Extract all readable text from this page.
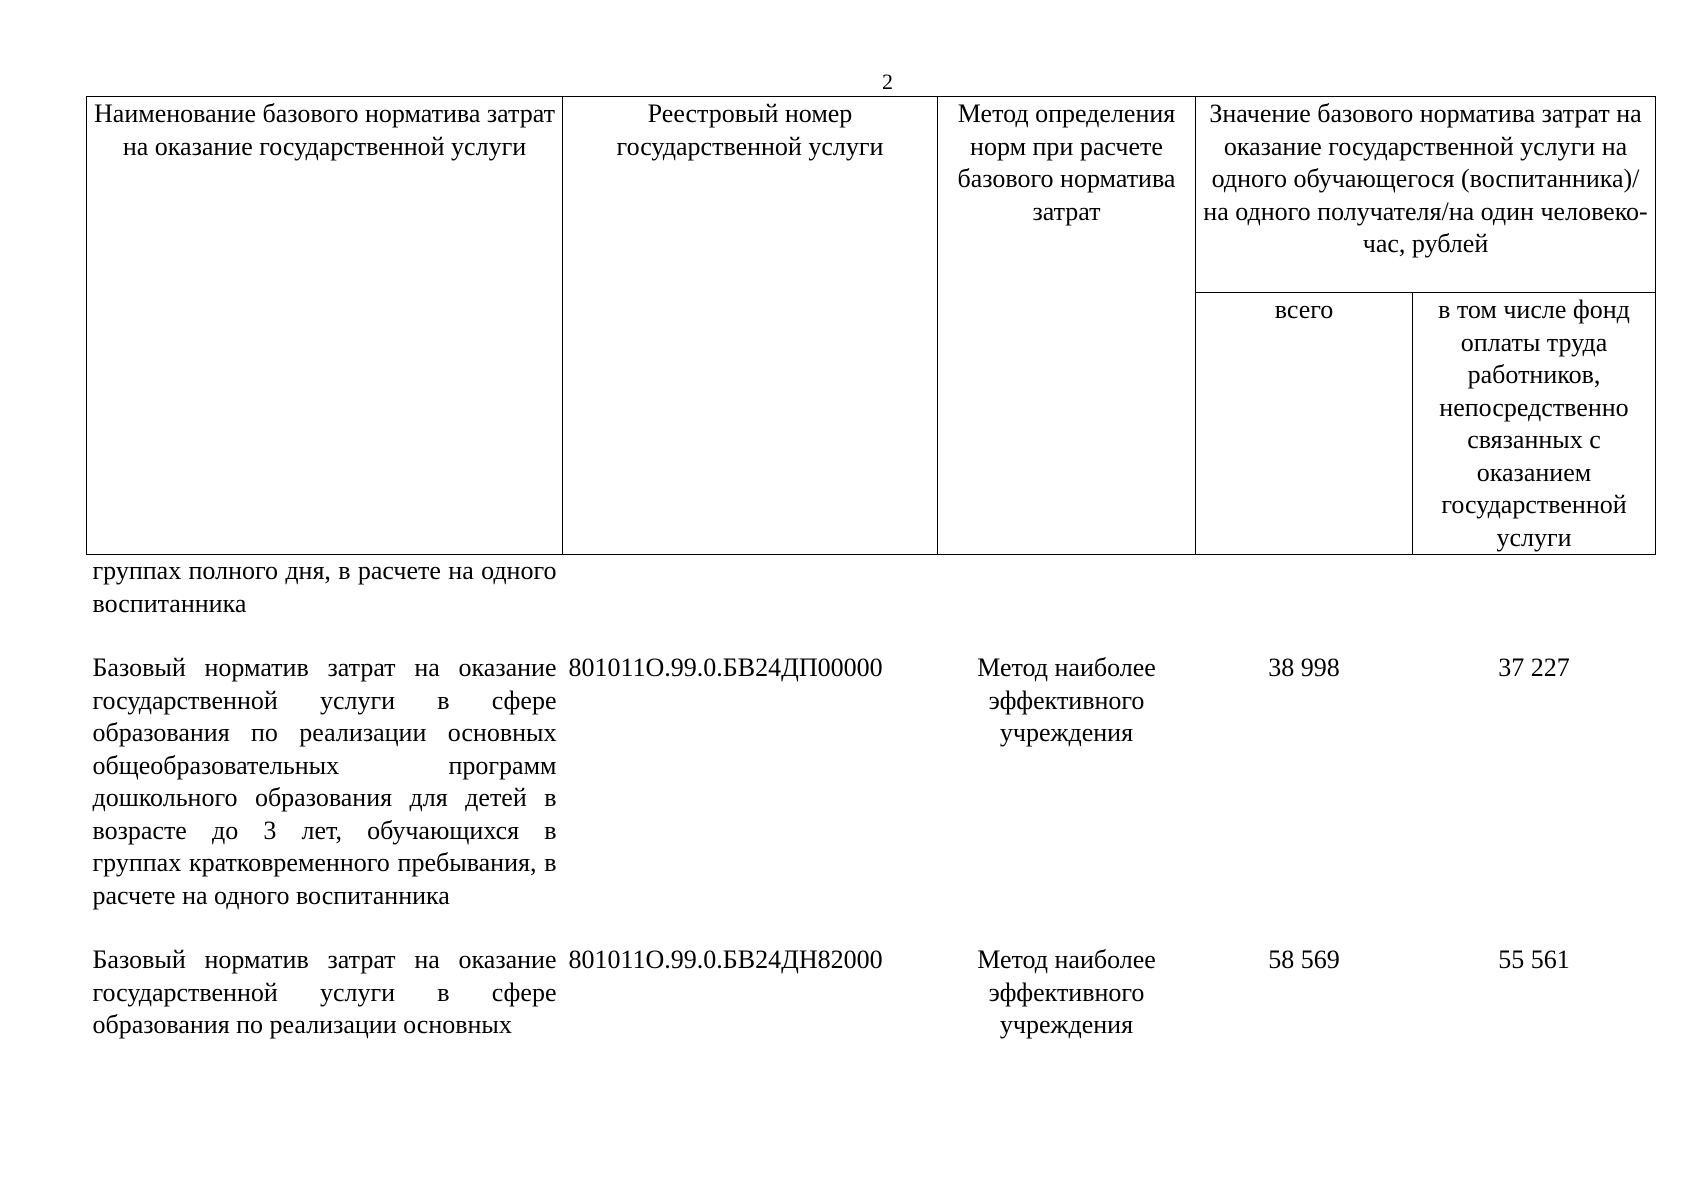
2
Наименование базового норматива затрат на оказание государственной услуги	Реестровый номер государственной услуги	Метод определения норм при расчете базового норматива затрат	Значение базового норматива затрат на оказание государственной услуги на одного обучающегося (воспитанника)/на одного получателя/на один человеко-час, рублей	
			всего	в том числе фонд оплаты труда работников, непосредственно связанных с оказанием государственной услуги
группах полного дня, в расчете на одного воспитанника				
Базовый норматив затрат на оказание государственной услуги в сфере образования по реализации основных общеобразовательных программ дошкольного образования для детей в возрасте до 3 лет, обучающихся в группах кратковременного пребывания, в расчете на одного воспитанника	801011О.99.0.БВ24ДП00000	Метод наиболее эффективного учреждения	38 998	37 227
Базовый норматив затрат на оказание государственной услуги в сфере образования по реализации основных	801011О.99.0.БВ24ДН82000	Метод наиболее эффективного учреждения	58 569	55 561
